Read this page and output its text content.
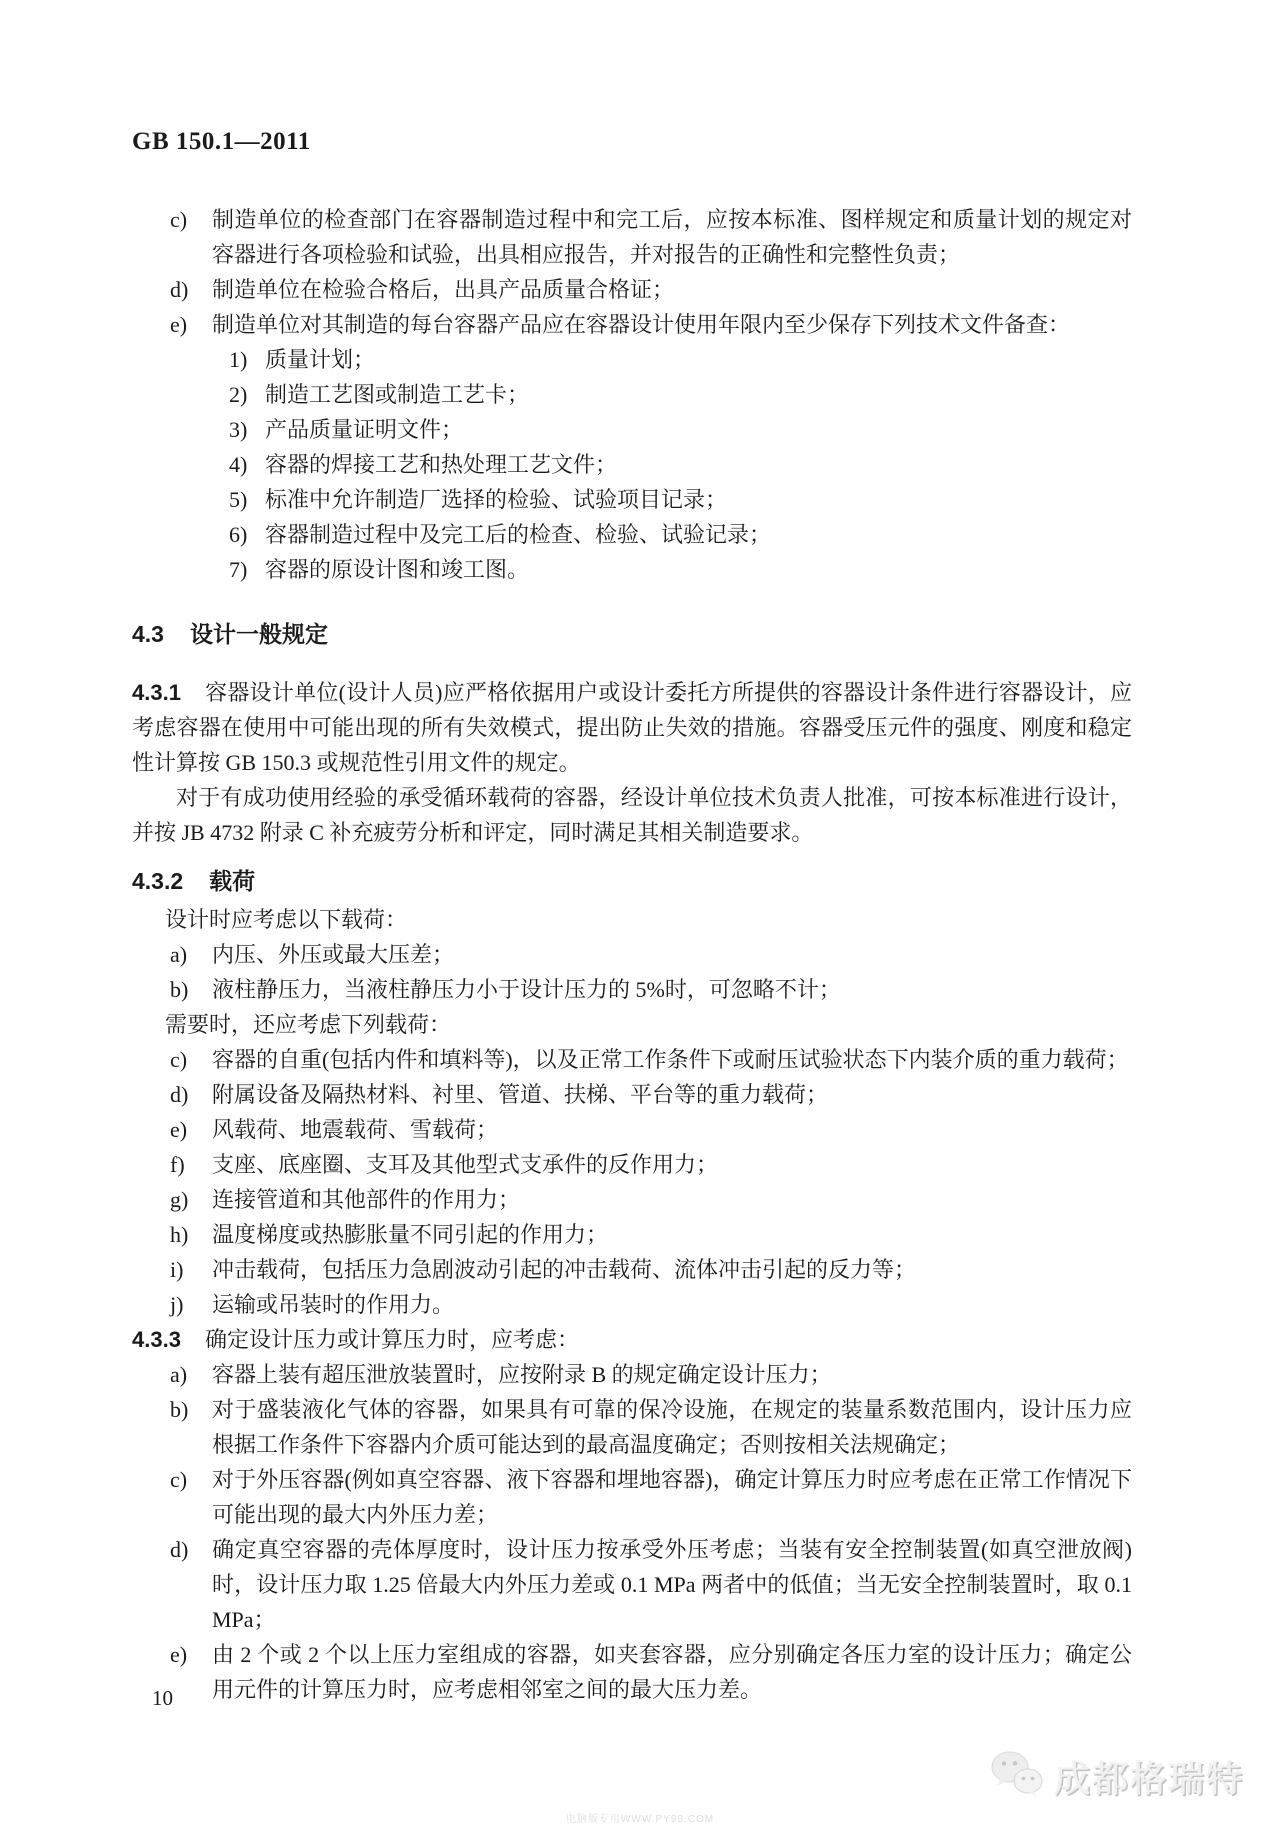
GB 150.1—2011
c)	制造单位的检查部门在容器制造过程中和完工后，应按本标准、图样规定和质量计划的规定对容器进行各项检验和试验，出具相应报告，并对报告的正确性和完整性负责；
d)	制造单位在检验合格后，出具产品质量合格证；
e)	制造单位对其制造的每台容器产品应在容器设计使用年限内至少保存下列技术文件备查：
1) 质量计划；
2) 制造工艺图或制造工艺卡；
3) 产品质量证明文件；
4) 容器的焊接工艺和热处理工艺文件；
5) 标准中允许制造厂选择的检验、试验项目记录；
6) 容器制造过程中及完工后的检查、检验、试验记录；
7) 容器的原设计图和竣工图。
4.3 设计一般规定

4.3.1 容器设计单位(设计人员)应严格依据用户或设计委托方所提供的容器设计条件进行容器设计，应考虑容器在使用中可能出现的所有失效模式，提出防止失效的措施。容器受压元件的强度、刚度和稳定性计算按 GB 150.3 或规范性引用文件的规定。

对于有成功使用经验的承受循环载荷的容器，经设计单位技术负责人批准，可按本标准进行设计，并按 JB 4732 附录 C 补充疲劳分析和评定，同时满足其相关制造要求。

4.3.2 载荷

设计时应考虑以下载荷：

a)	内压、外压或最大压差；
b)	液柱静压力，当液柱静压力小于设计压力的 5%时，可忽略不计；

需要时，还应考虑下列载荷：

c)	容器的自重(包括内件和填料等)，以及正常工作条件下或耐压试验状态下内装介质的重力载荷；
d)	附属设备及隔热材料、衬里、管道、扶梯、平台等的重力载荷；
e)	风载荷、地震载荷、雪载荷；
f)	支座、底座圈、支耳及其他型式支承件的反作用力；
g)	连接管道和其他部件的作用力；
h)	温度梯度或热膨胀量不同引起的作用力；
i)	冲击载荷，包括压力急剧波动引起的冲击载荷、流体冲击引起的反力等；
j)	运输或吊装时的作用力。

4.3.3 确定设计压力或计算压力时，应考虑：

a)	容器上装有超压泄放装置时，应按附录 B 的规定确定设计压力；
b)	对于盛装液化气体的容器，如果具有可靠的保冷设施，在规定的装量系数范围内，设计压力应根据工作条件下容器内介质可能达到的最高温度确定；否则按相关法规确定；
c)	对于外压容器(例如真空容器、液下容器和埋地容器)，确定计算压力时应考虑在正常工作情况下可能出现的最大内外压力差；
d)	确定真空容器的壳体厚度时，设计压力按承受外压考虑；当装有安全控制装置(如真空泄放阀)时，设计压力取 1.25 倍最大内外压力差或 0.1 MPa 两者中的低值；当无安全控制装置时，取 0.1 MPa；
e)	由 2 个或 2 个以上压力室组成的容器，如夹套容器，应分别确定各压力室的设计压力；确定公用元件的计算压力时，应考虑相邻室之间的最大压力差。
10
成都格瑞特
电脑版专用WWW.PY98.COM
